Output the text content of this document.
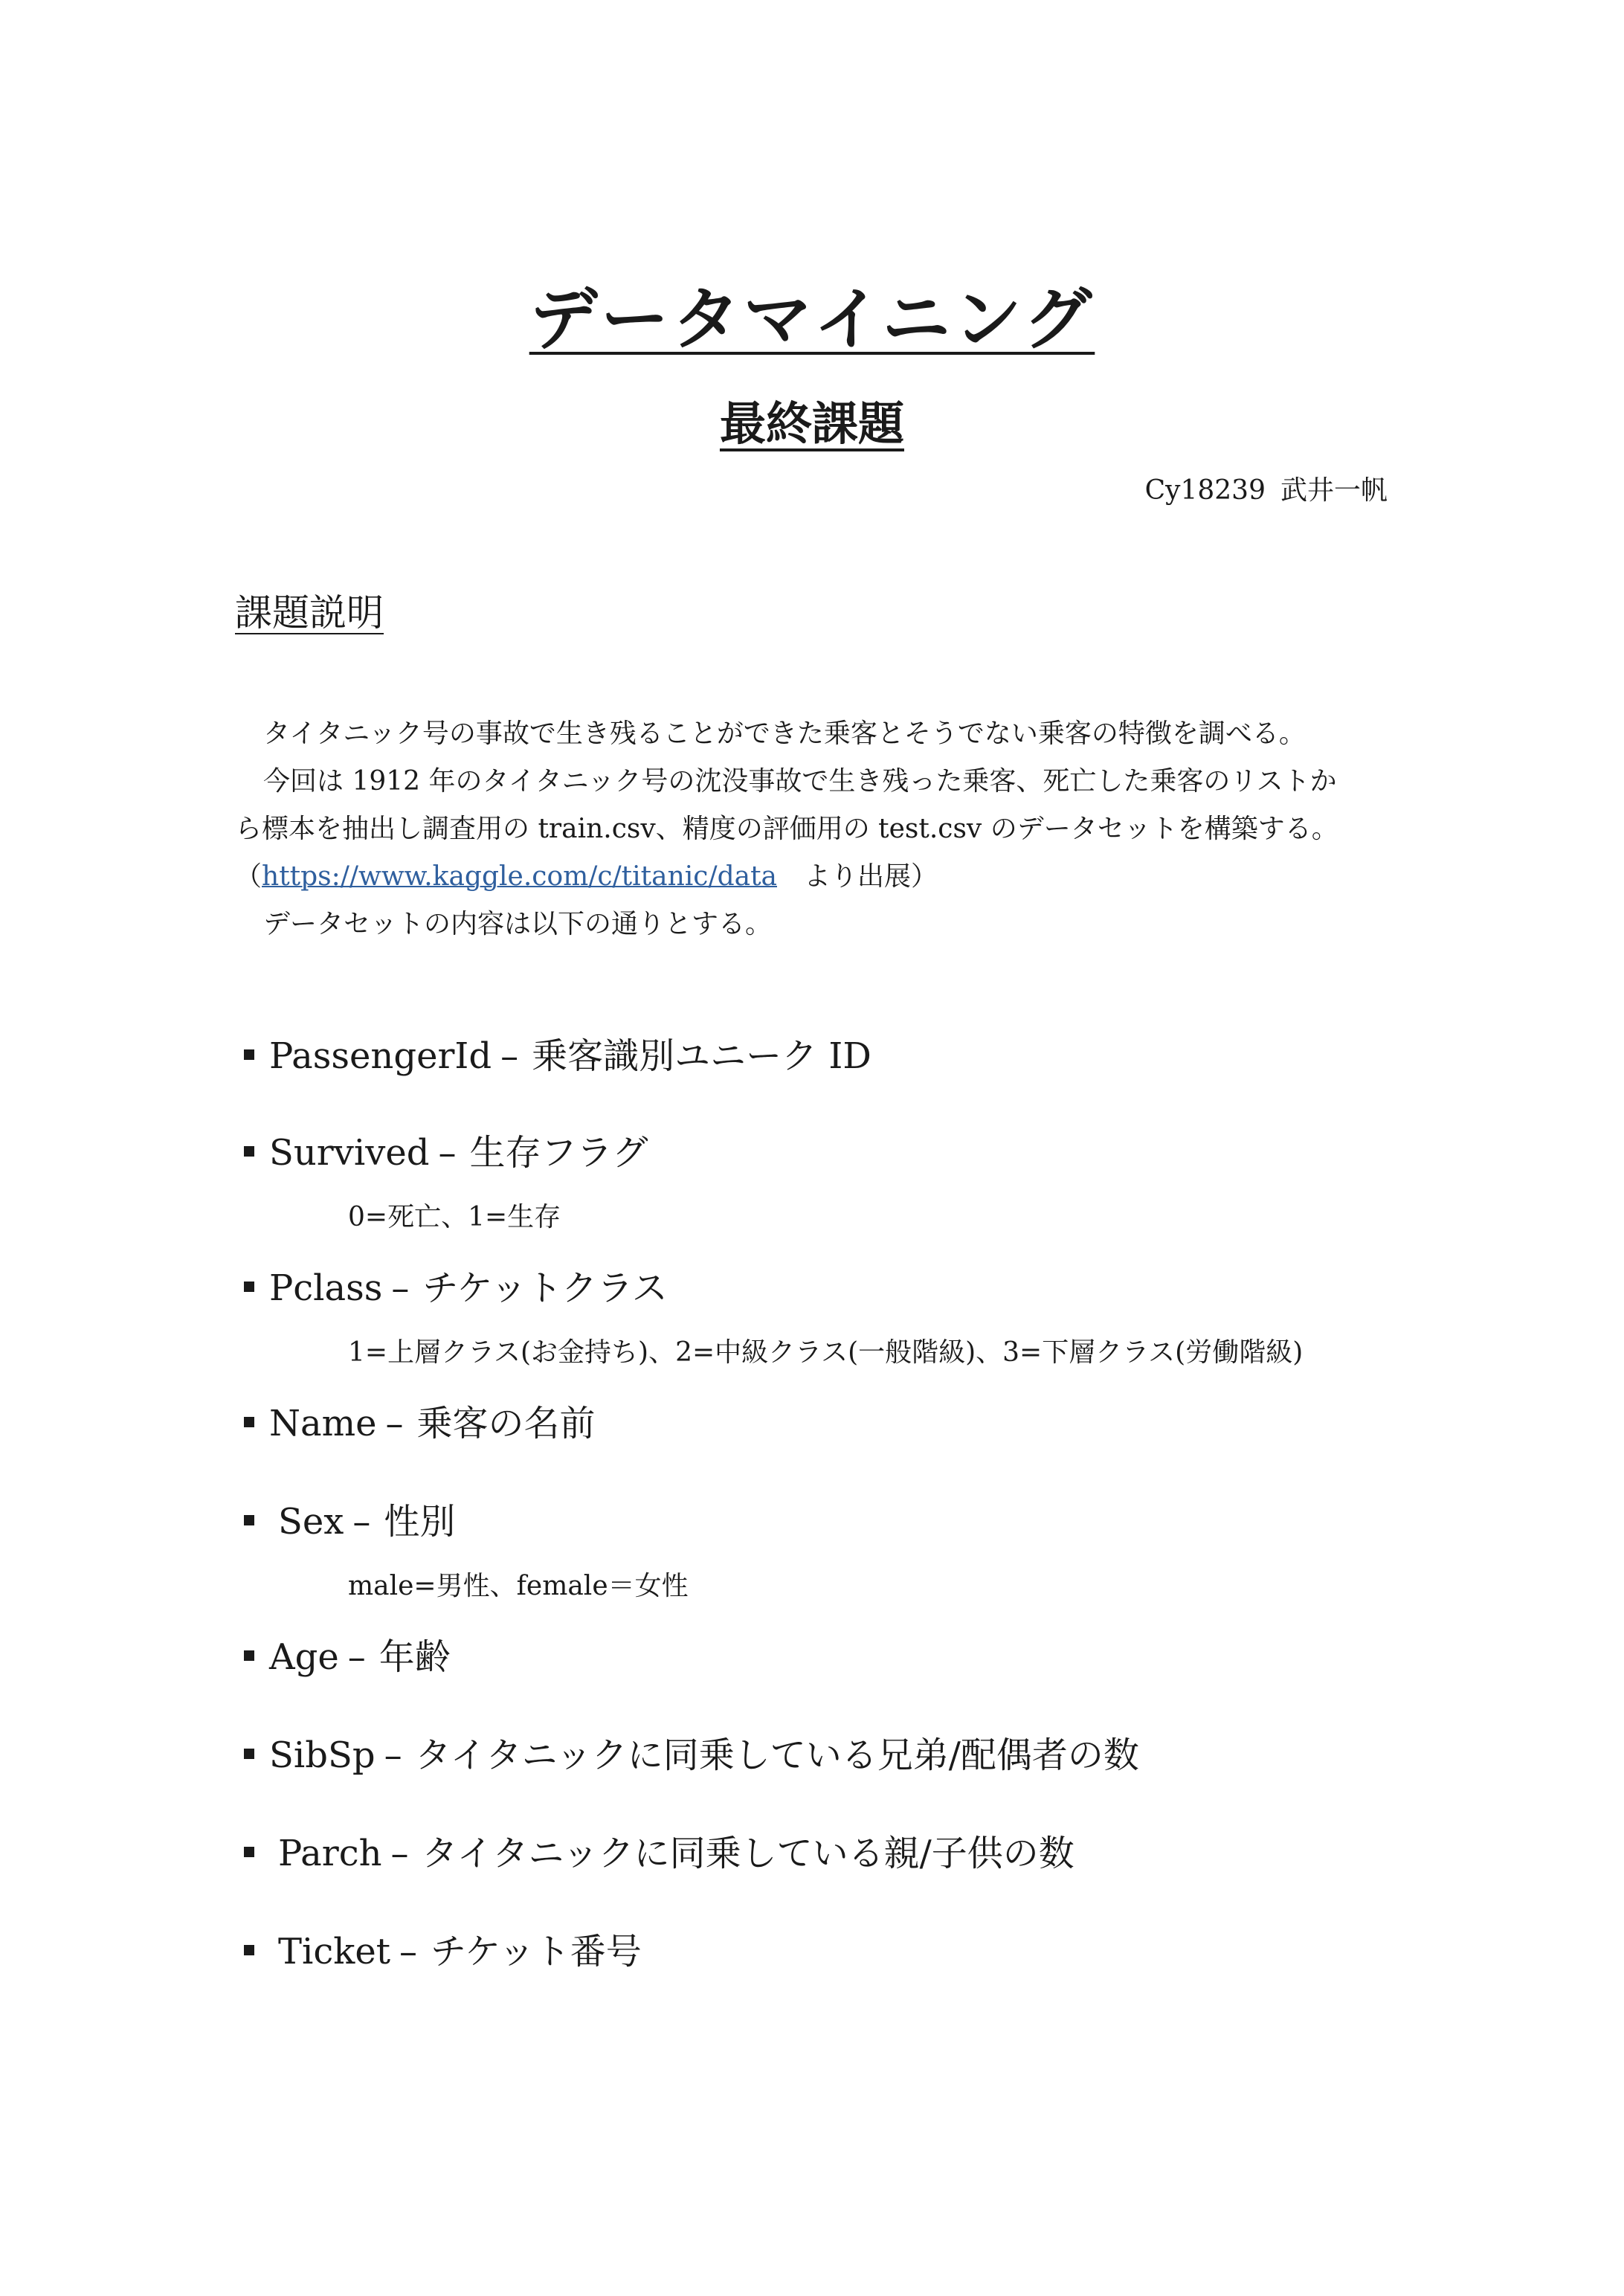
データマイニング
最終課題
Cy18239 武井一帆
課題説明
タイタニック号の事故で生き残ることができた乗客とそうでない乗客の特徴を調べる。
今回は 1912 年のタイタニック号の沈没事故で生き残った乗客、死亡した乗客のリストか
ら標本を抽出し調査用の train.csv、精度の評価用の test.csv のデータセットを構築する。
（https://www.kaggle.com/c/titanic/data　より出展）
データセットの内容は以下の通りとする。
PassengerId – 乗客識別ユニーク ID
Survived – 生存フラグ
0=死亡、1=生存
Pclass – チケットクラス
1=上層クラス(お金持ち)、2=中級クラス(一般階級)、3=下層クラス(労働階級)
Name – 乗客の名前
Sex – 性別
male=男性、female＝女性
Age – 年齢
SibSp – タイタニックに同乗している兄弟/配偶者の数
Parch – タイタニックに同乗している親/子供の数
Ticket – チケット番号
